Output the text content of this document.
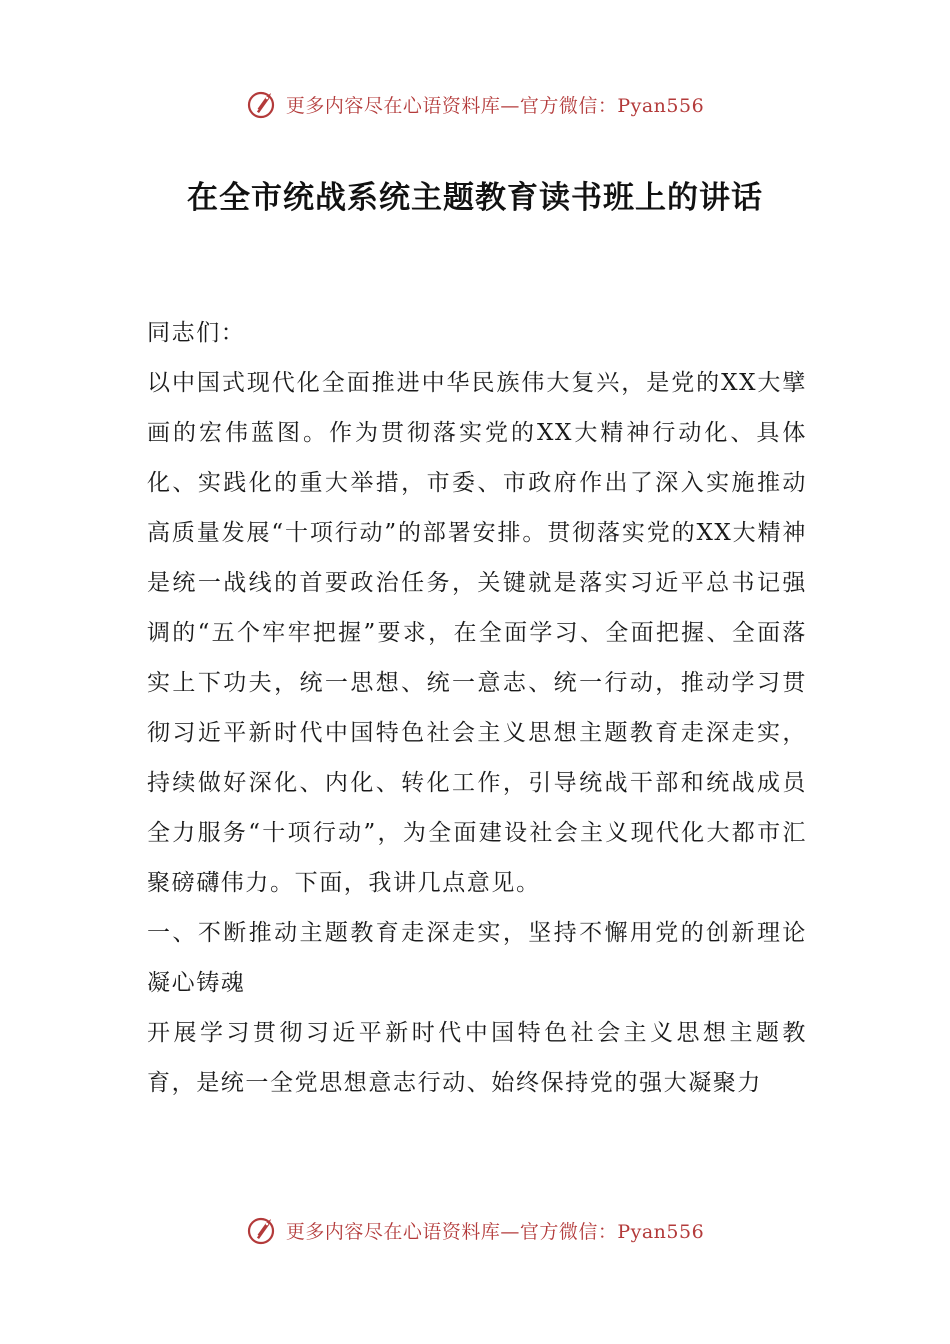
更多内容尽在心语资料库—官方微信：Pyan556
在全市统战系统主题教育读书班上的讲话

同志们：

以中国式现代化全面推进中华民族伟大复兴，是党的XX大擘画的宏伟蓝图。作为贯彻落实党的XX大精神行动化、具体化、实践化的重大举措，市委、市政府作出了深入实施推动高质量发展“十项行动”的部署安排。贯彻落实党的XX大精神是统一战线的首要政治任务，关键就是落实习近平总书记强调的“五个牢牢把握”要求，在全面学习、全面把握、全面落实上下功夫，统一思想、统一意志、统一行动，推动学习贯彻习近平新时代中国特色社会主义思想主题教育走深走实，持续做好深化、内化、转化工作，引导统战干部和统战成员全力服务“十项行动”，为全面建设社会主义现代化大都市汇聚磅礴伟力。下面，我讲几点意见。

一、不断推动主题教育走深走实，坚持不懈用党的创新理论凝心铸魂

开展学习贯彻习近平新时代中国特色社会主义思想主题教育，是统一全党思想意志行动、始终保持党的强大凝聚力

更多内容尽在心语资料库—官方微信：Pyan556
